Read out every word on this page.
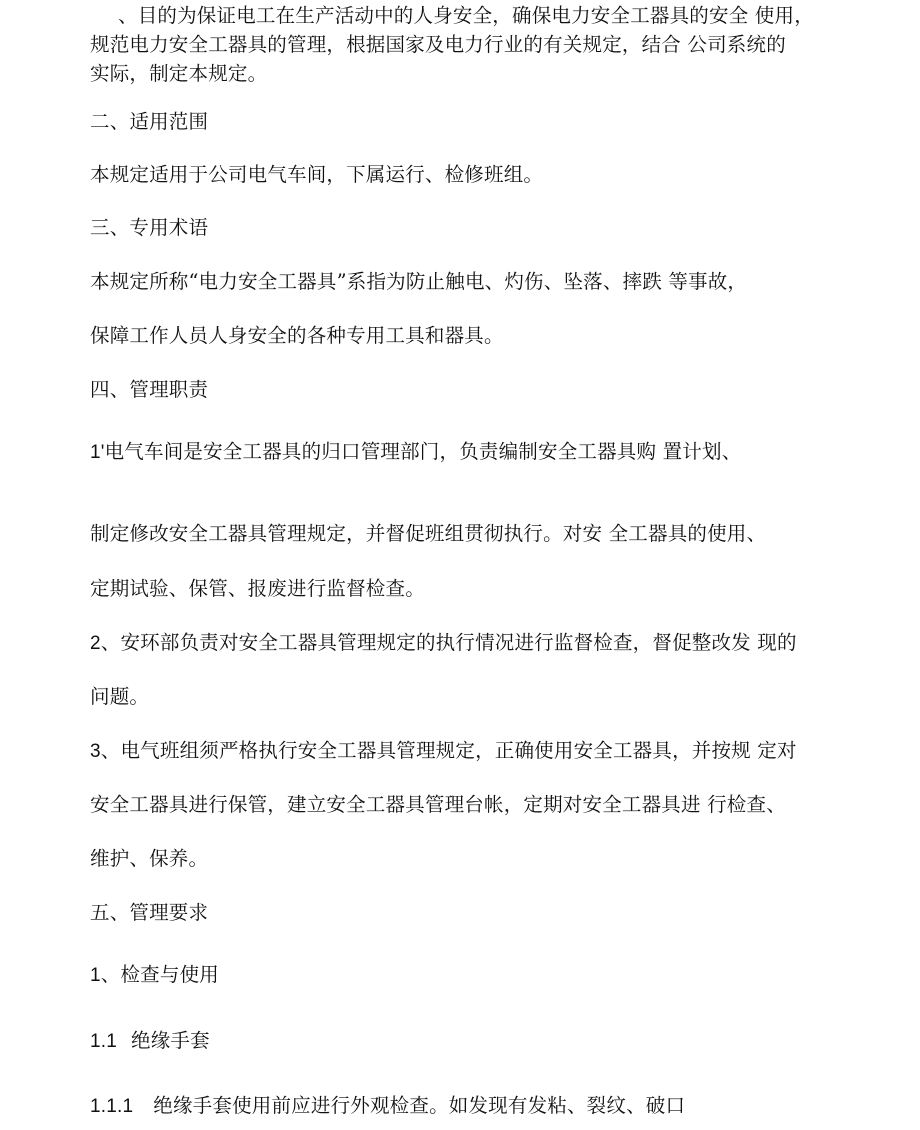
、目的为保证电工在生产活动中的人身安全，确保电力安全工器具的安全 使用，
规范电力安全工器具的管理，根据国家及电力行业的有关规定，结合 公司系统的
实际，制定本规定。
二、适用范围
本规定适用于公司电气车间，下属运行、检修班组。
三、专用术语
本规定所称“电力安全工器具”系指为防止触电、灼伤、坠落、摔跌 等事故，
保障工作人员人身安全的各种专用工具和器具。
四、管理职责
1'电气车间是安全工器具的归口管理部门，负责编制安全工器具购 置计划、
制定修改安全工器具管理规定，并督促班组贯彻执行。对安 全工器具的使用、
定期试验、保管、报废进行监督检查。
2、安环部负责对安全工器具管理规定的执行情况进行监督检查，督促整改发 现的
问题。
3、电气班组须严格执行安全工器具管理规定，正确使用安全工器具，并按规 定对
安全工器具进行保管，建立安全工器具管理台帐，定期对安全工器具进 行检查、
维护、保养。
五、管理要求
1、检查与使用
1.1 绝缘手套
1.1.1 绝缘手套使用前应进行外观检查。如发现有发粘、裂纹、破口
